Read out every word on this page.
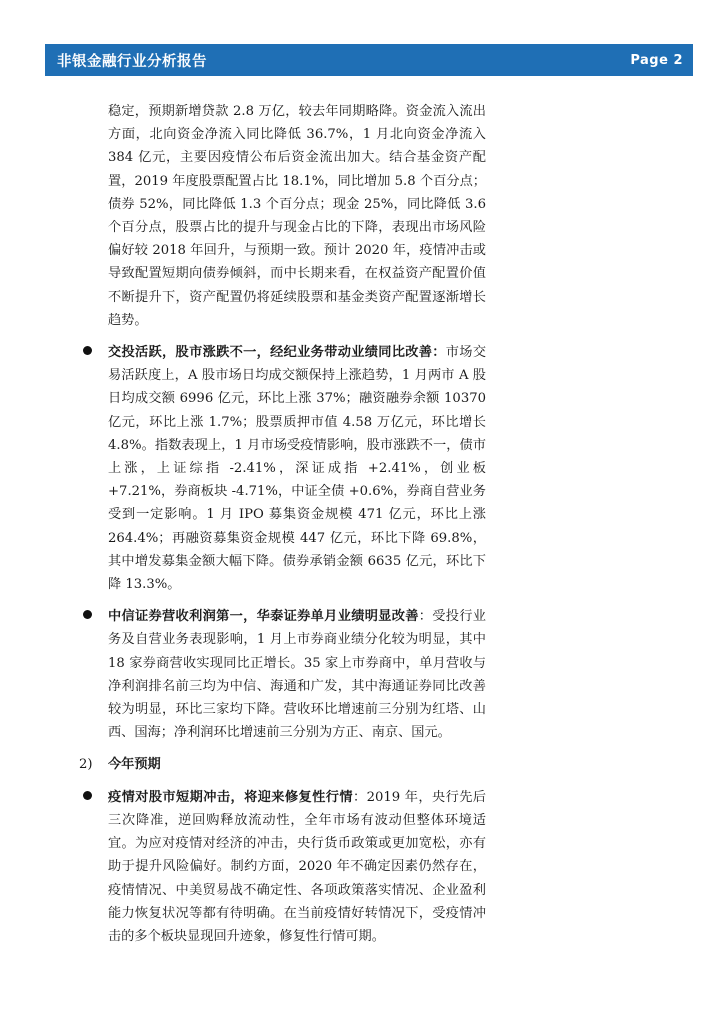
非银金融行业分析报告	Page 2

稳定，预期新增贷款 2.8 万亿，较去年同期略降。资金流入流出方面，北向资金净流入同比降低 36.7%，1 月北向资金净流入 384 亿元，主要因疫情公布后资金流出加大。结合基金资产配置，2019 年度股票配置占比 18.1%，同比增加 5.8 个百分点；债券 52%，同比降低 1.3 个百分点；现金 25%，同比降低 3.6 个百分点，股票占比的提升与现金占比的下降，表现出市场风险偏好较 2018 年回升，与预期一致。预计 2020 年，疫情冲击或导致配置短期向债券倾斜，而中长期来看，在权益资产配置价值不断提升下，资产配置仍将延续股票和基金类资产配置逐渐增长趋势。

交投活跃，股市涨跌不一，经纪业务带动业绩同比改善：市场交易活跃度上，A 股市场日均成交额保持上涨趋势，1 月两市 A 股日均成交额 6996 亿元，环比上涨 37%；融资融券余额 10370 亿元，环比上涨 1.7%；股票质押市值 4.58 万亿元，环比增长 4.8%。指数表现上，1 月市场受疫情影响，股市涨跌不一，债市上涨，上证综指 -2.41%，深证成指 +2.41%，创业板 +7.21%，券商板块 -4.71%，中证全债 +0.6%，券商自营业务受到一定影响。1 月 IPO 募集资金规模 471 亿元，环比上涨 264.4%；再融资募集资金规模 447 亿元，环比下降 69.8%，其中增发募集金额大幅下降。债券承销金额 6635 亿元，环比下降 13.3%。

中信证券营收利润第一，华泰证券单月业绩明显改善：受投行业务及自营业务表现影响，1 月上市券商业绩分化较为明显，其中 18 家券商营收实现同比正增长。35 家上市券商中，单月营收与净利润排名前三均为中信、海通和广发，其中海通证券同比改善较为明显，环比三家均下降。营收环比增速前三分别为红塔、山西、国海；净利润环比增速前三分别为方正、南京、国元。

2) 今年预期

疫情对股市短期冲击，将迎来修复性行情：2019 年，央行先后三次降准，逆回购释放流动性，全年市场有波动但整体环境适宜。为应对疫情对经济的冲击，央行货币政策或更加宽松，亦有助于提升风险偏好。制约方面，2020 年不确定因素仍然存在，疫情情况、中美贸易战不确定性、各项政策落实情况、企业盈利能力恢复状况等都有待明确。在当前疫情好转情况下，受疫情冲击的多个板块显现回升迹象，修复性行情可期。
